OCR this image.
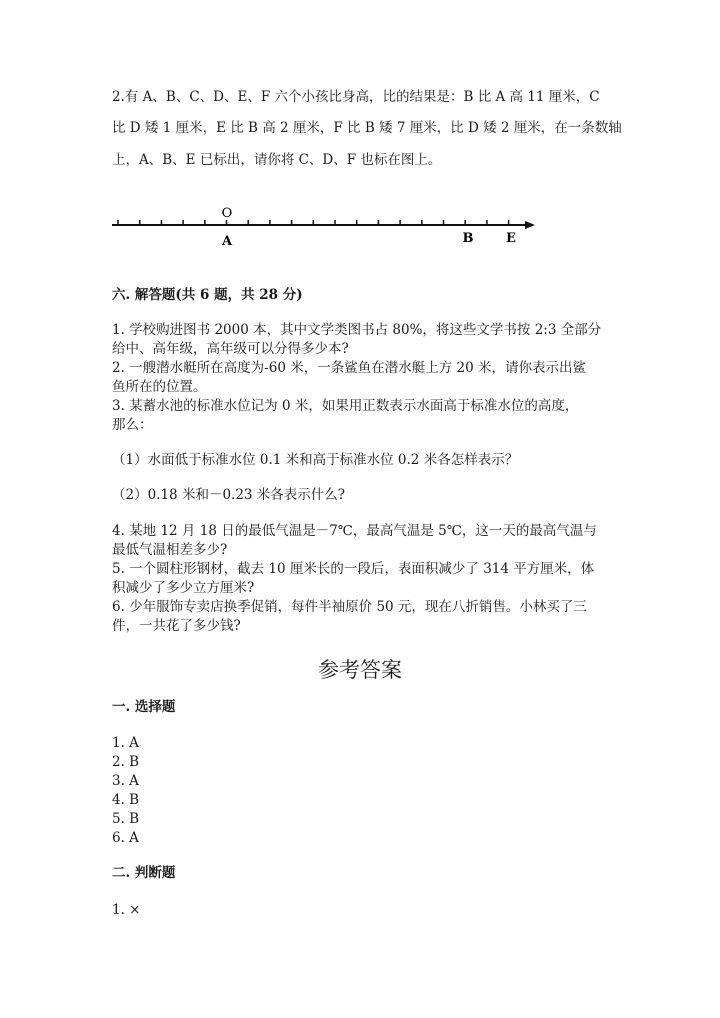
2.有 A、B、C、D、E、F 六个小孩比身高，比的结果是：B 比 A 高 11 厘米，C
比 D 矮 1 厘米，E 比 B 高 2 厘米，F 比 B 矮 7 厘米，比 D 矮 2 厘米，在一条数轴
上，A、B、E 已标出，请你将 C、D、F 也标在图上。
O
A	B	E
六. 解答题(共 6 题，共 28 分)
1. 学校购进图书 2000 本，其中文学类图书占 80%，将这些文学书按 2:3 全部分
给中、高年级，高年级可以分得多少本?
2. 一艘潜水艇所在高度为-60 米，一条鲨鱼在潜水艇上方 20 米，请你表示出鲨
鱼所在的位置。
3. 某蓄水池的标准水位记为 0 米，如果用正数表示水面高于标准水位的高度，
那么：
（1）水面低于标准水位 0.1 米和高于标准水位 0.2 米各怎样表示？
（2）0.18 米和－0.23 米各表示什么?
4. 某地 12 月 18 日的最低气温是－7℃，最高气温是 5℃，这一天的最高气温与
最低气温相差多少?
5. 一个圆柱形钢材，截去 10 厘米长的一段后，表面积减少了 314 平方厘米，体
积减少了多少立方厘米?
6. 少年服饰专卖店换季促销，每件半袖原价 50 元，现在八折销售。小林买了三
件，一共花了多少钱?
参考答案
一. 选择题
1. A
2. B
3. A
4. B
5. B
6. A
二. 判断题
1. ×
